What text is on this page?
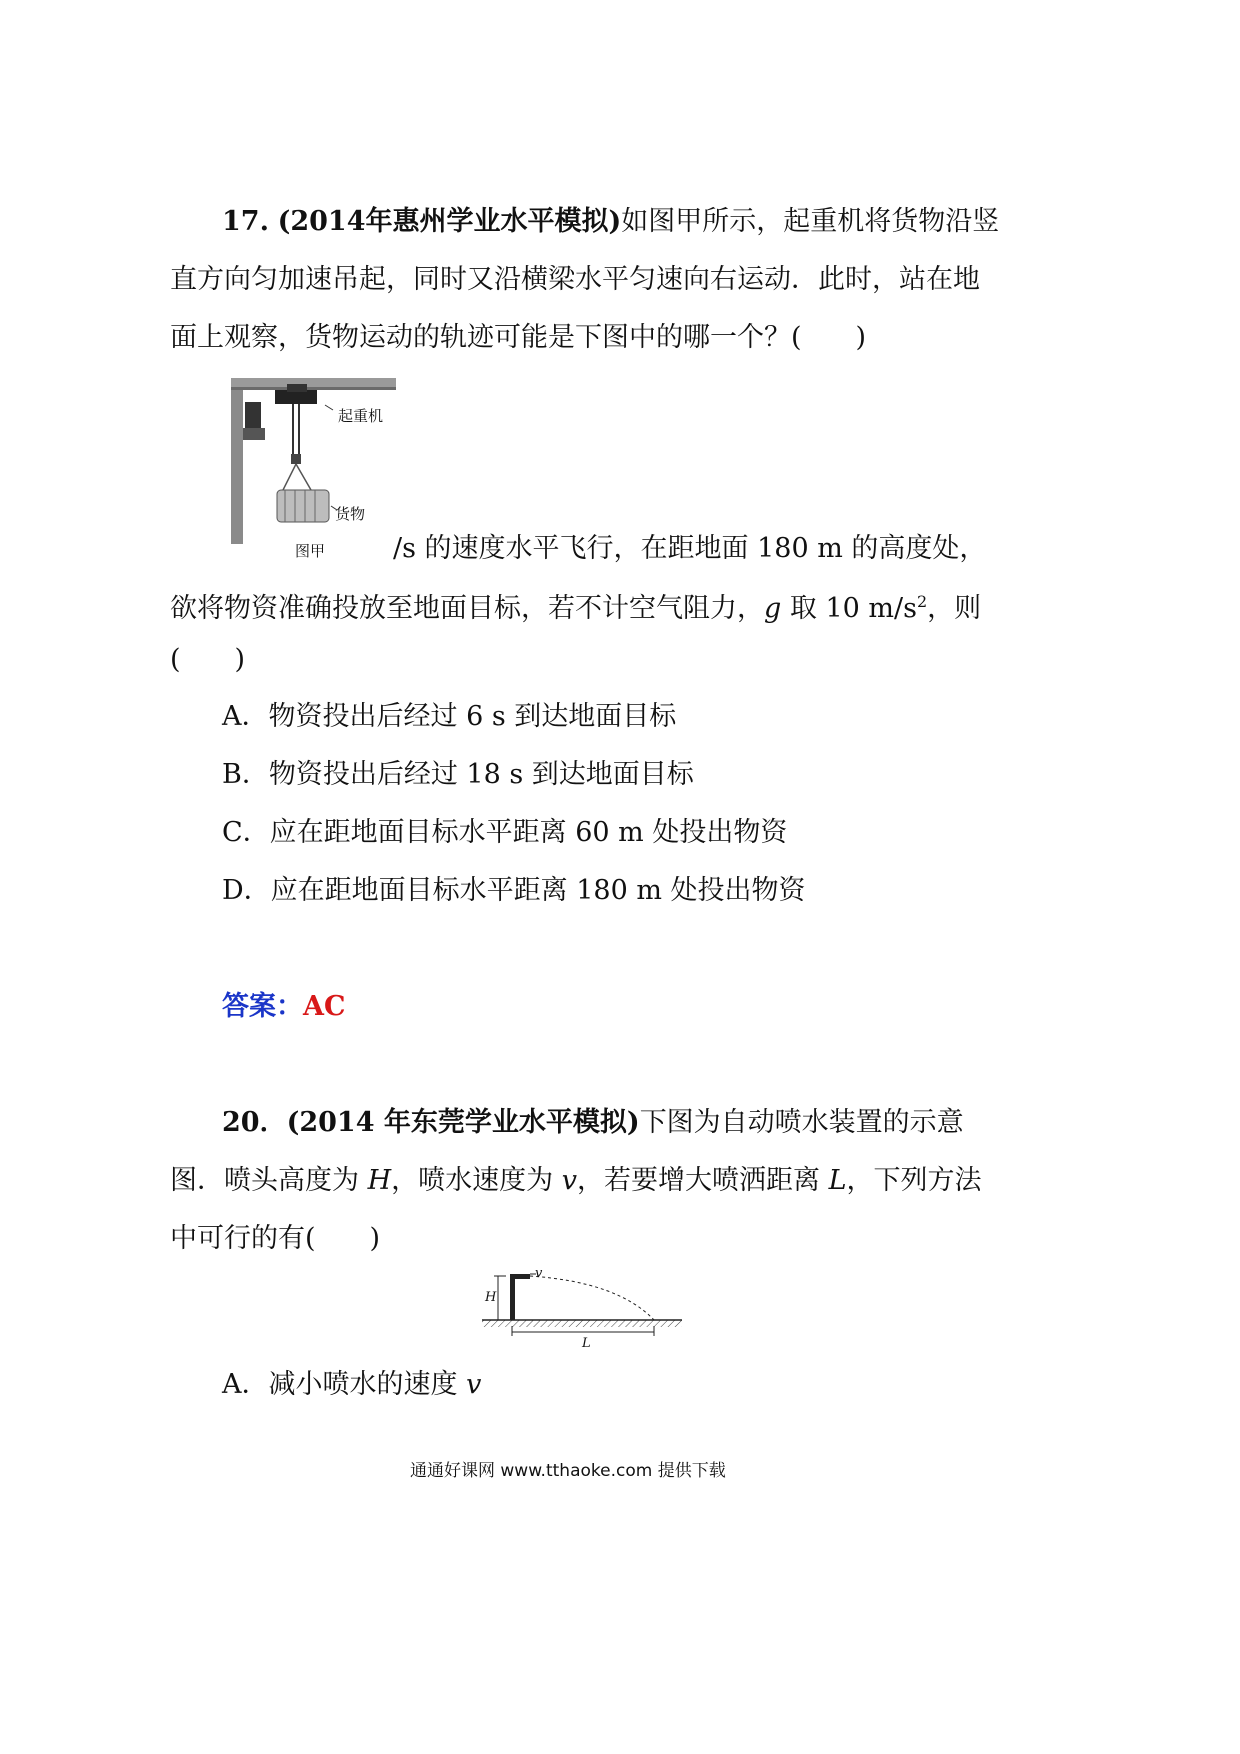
17. (2014年惠州学业水平模拟)如图甲所示，起重机将货物沿竖
直方向匀加速吊起，同时又沿横梁水平匀速向右运动．此时，站在地
面上观察，货物运动的轨迹可能是下图中的哪一个？(　　)
起重机
货物
图甲	/s 的速度水平飞行，在距地面 180 m 的高度处，
欲将物资准确投放至地面目标，若不计空气阻力，g 取 10 $m/s^2$，则
(　　)
A．物资投出后经过 6 s 到达地面目标
B．物资投出后经过 18 s 到达地面目标
C．应在距地面目标水平距离 60 m 处投出物资
D．应在距地面目标水平距离 180 m 处投出物资
答案：AC
20．(2014 年东莞学业水平模拟)下图为自动喷水装置的示意
图．喷头高度为 H，喷水速度为 v，若要增大喷洒距离 L，下列方法
中可行的有(　　)
v
H
L
A．减小喷水的速度 v
通通好课网 www.tthaoke.com 提供下载
